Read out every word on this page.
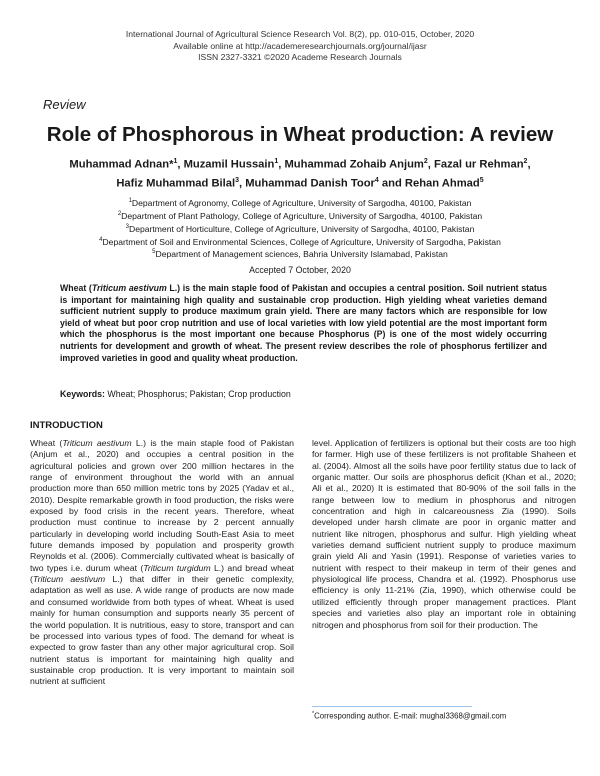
International Journal of Agricultural Science Research Vol. 8(2), pp. 010-015, October, 2020
Available online at http://academeresearchjournals.org/journal/ijasr
ISSN 2327-3321 ©2020 Academe Research Journals
Review
Role of Phosphorous in Wheat production: A review
Muhammad Adnan*$^1$, Muzamil Hussain$^1$, Muhammad Zohaib Anjum$^2$, Fazal ur Rehman$^2$, Hafiz Muhammad Bilal$^3$, Muhammad Danish Toor$^4$ and Rehan Ahmad$^5$
$^1$Department of Agronomy, College of Agriculture, University of Sargodha, 40100, Pakistan
$^2$Department of Plant Pathology, College of Agriculture, University of Sargodha, 40100, Pakistan
$^3$Department of Horticulture, College of Agriculture, University of Sargodha, 40100, Pakistan
$^4$Department of Soil and Environmental Sciences, College of Agriculture, University of Sargodha, Pakistan
$^5$Department of Management sciences, Bahria University Islamabad, Pakistan
Accepted 7 October, 2020
Wheat (Triticum aestivum L.) is the main staple food of Pakistan and occupies a central position. Soil nutrient status is important for maintaining high quality and sustainable crop production. High yielding wheat varieties demand sufficient nutrient supply to produce maximum grain yield. There are many factors which are responsible for low yield of wheat but poor crop nutrition and use of local varieties with low yield potential are the most important form which the phosphorus is the most important one because Phosphorus (P) is one of the most widely occurring nutrients for development and growth of wheat. The present review describes the role of phosphorus fertilizer and improved varieties in good and quality wheat production.
Keywords: Wheat; Phosphorus; Pakistan; Crop production
INTRODUCTION
Wheat (Triticum aestivum L.) is the main staple food of Pakistan (Anjum et al., 2020) and occupies a central position in the agricultural policies and grown over 200 million hectares in the range of environment throughout the world with an annual production more than 650 million metric tons by 2025 (Yadav et al., 2010). Despite remarkable growth in food production, the risks were exposed by food crisis in the recent years. Therefore, wheat production must continue to increase by 2 percent annually particularly in developing world including South-East Asia to meet future demands imposed by population and prosperity growth Reynolds et al. (2006). Commercially cultivated wheat is basically of two types i.e. durum wheat (Triticum turgidum L.) and bread wheat (Triticum aestivum L.) that differ in their genetic complexity, adaptation as well as use. A wide range of products are now made and consumed worldwide from both types of wheat. Wheat is used mainly for human consumption and supports nearly 35 percent of the world population. It is nutritious, easy to store, transport and can be processed into various types of food. The demand for wheat is expected to grow faster than any other major agricultural crop. Soil nutrient status is important for maintaining high quality and sustainable crop production. It is very important to maintain soil nutrient at sufficient
level. Application of fertilizers is optional but their costs are too high for farmer. High use of these fertilizers is not profitable Shaheen et al. (2004). Almost all the soils have poor fertility status due to lack of organic matter. Our soils are phosphorus deficit (Khan et al., 2020; Ali et al., 2020) It is estimated that 80-90% of the soil falls in the range between low to medium in phosphorus and nitrogen concentration and high in calcareousness Zia (1990). Soils developed under harsh climate are poor in organic matter and nutrient like nitrogen, phosphorus and sulfur. High yielding wheat varieties demand sufficient nutrient supply to produce maximum grain yield Ali and Yasin (1991). Response of varieties varies to nutrient with respect to their makeup in term of their genes and physiological life process, Chandra et al. (1992). Phosphorus use efficiency is only 11-21% (Zia, 1990), which otherwise could be utilized efficiently through proper management practices. Plant species and varieties also play an important role in obtaining nitrogen and phosphorus from soil for their production. The
*Corresponding author. E-mail: mughal3368@gmail.com
